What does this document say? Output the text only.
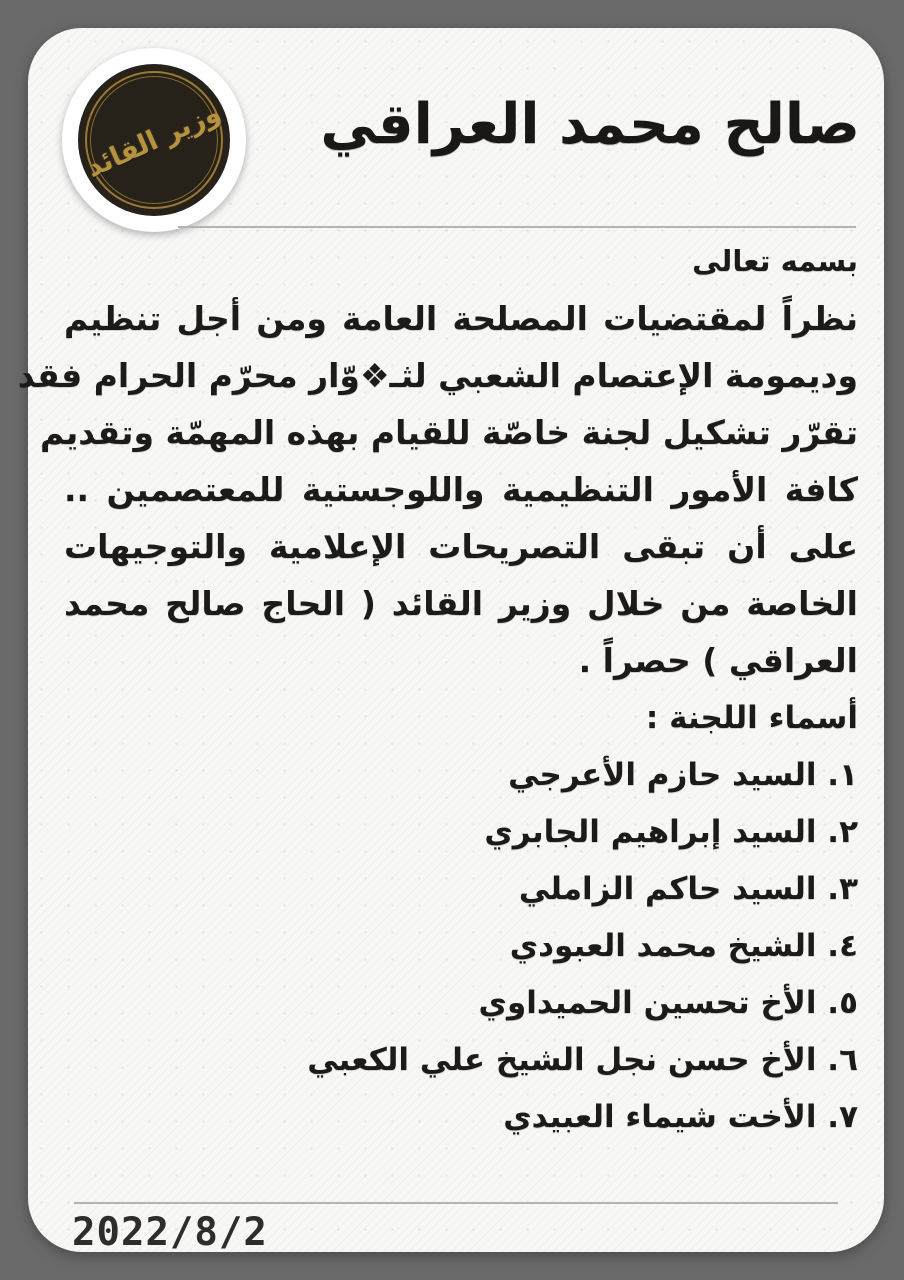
وزير القائد صالح محمد العراقي
بسمه تعالى
نظراً لمقتضيات المصلحة العامة ومن أجل تنظيم
وديمومة الإعتصام الشعبي لثـ❖وّار محرّم الحرام فقد
تقرّر تشكيل لجنة خاصّة للقيام بهذه المهمّة وتقديم
كافة الأمور التنظيمية واللوجستية للمعتصمين ..
على أن تبقى التصريحات الإعلامية والتوجيهات
الخاصة من خلال وزير القائد ( الحاج صالح محمد
العراقي ) حصراً .
أسماء اللجنة :
١. السيد حازم الأعرجي
٢. السيد إبراهيم الجابري
٣. السيد حاكم الزاملي
٤. الشيخ محمد العبودي
٥. الأخ تحسين الحميداوي
٦. الأخ حسن نجل الشيخ علي الكعبي
٧. الأخت شيماء العبيدي
2022/8/2
